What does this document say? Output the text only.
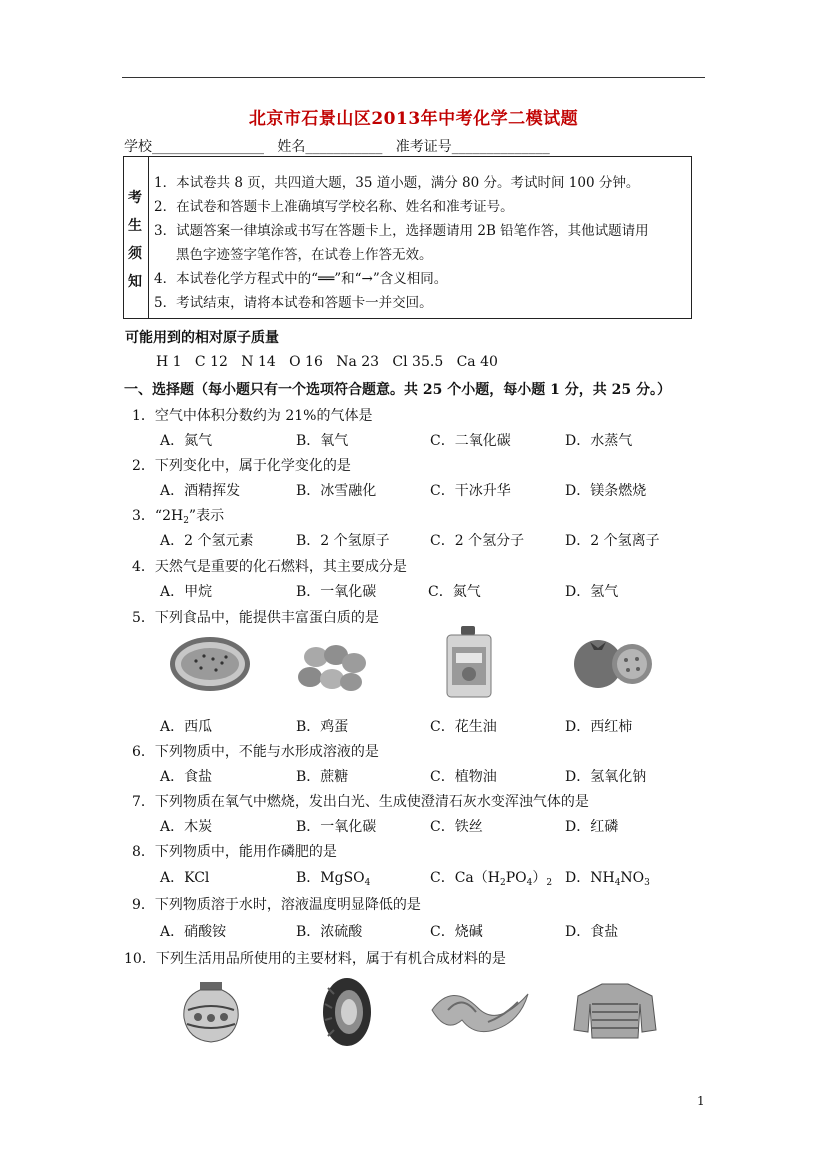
北京市石景山区2013年中考化学二模试题
学校________________   姓名___________   准考证号______________
考
生
须
知
1．本试卷共 8 页，共四道大题，35 道小题，满分 80 分。考试时间 100 分钟。
2．在试卷和答题卡上准确填写学校名称、姓名和准考证号。
3．试题答案一律填涂或书写在答题卡上，选择题请用 2B 铅笔作答，其他试题请用
黑色字迹签字笔作答，在试卷上作答无效。
4．本试卷化学方程式中的“══”和“→”含义相同。
5．考试结束，请将本试卷和答题卡一并交回。
可能用到的相对原子质量
H 1   C 12   N 14   O 16   Na 23   Cl 35.5   Ca 40
一、选择题（每小题只有一个选项符合题意。共 25 个小题，每小题 1 分，共 25 分。）
1．空气中体积分数约为 21%的气体是
A．氮气	B．氧气	C．二氧化碳	D．水蒸气
2．下列变化中，属于化学变化的是
A．酒精挥发	B．冰雪融化	C．干冰升华	D．镁条燃烧
3．“$2H_2$”表示
A．2 个氢元素	B．2 个氢原子	C．2 个氢分子	D．2 个氢离子
4．天然气是重要的化石燃料，其主要成分是
A．甲烷	B．一氧化碳	C．氮气	D．氢气
5．下列食品中，能提供丰富蛋白质的是
A．西瓜	B．鸡蛋	C．花生油	D．西红柿
6．下列物质中，不能与水形成溶液的是
A．食盐	B．蔗糖	C．植物油	D．氢氧化钠
7．下列物质在氧气中燃烧，发出白光、生成使澄清石灰水变浑浊气体的是
A．木炭	B．一氧化碳	C．铁丝	D．红磷
8．下列物质中，能用作磷肥的是
A．KCl	B．MgSO$_4$	C．$Ca(H_2PO_4)_2$ D．$NH_4NO_3$
9．下列物质溶于水时，溶液温度明显降低的是
A．硝酸铵	B．浓硫酸	C．烧碱	D．食盐
10．下列生活用品所使用的主要材料，属于有机合成材料的是
1
